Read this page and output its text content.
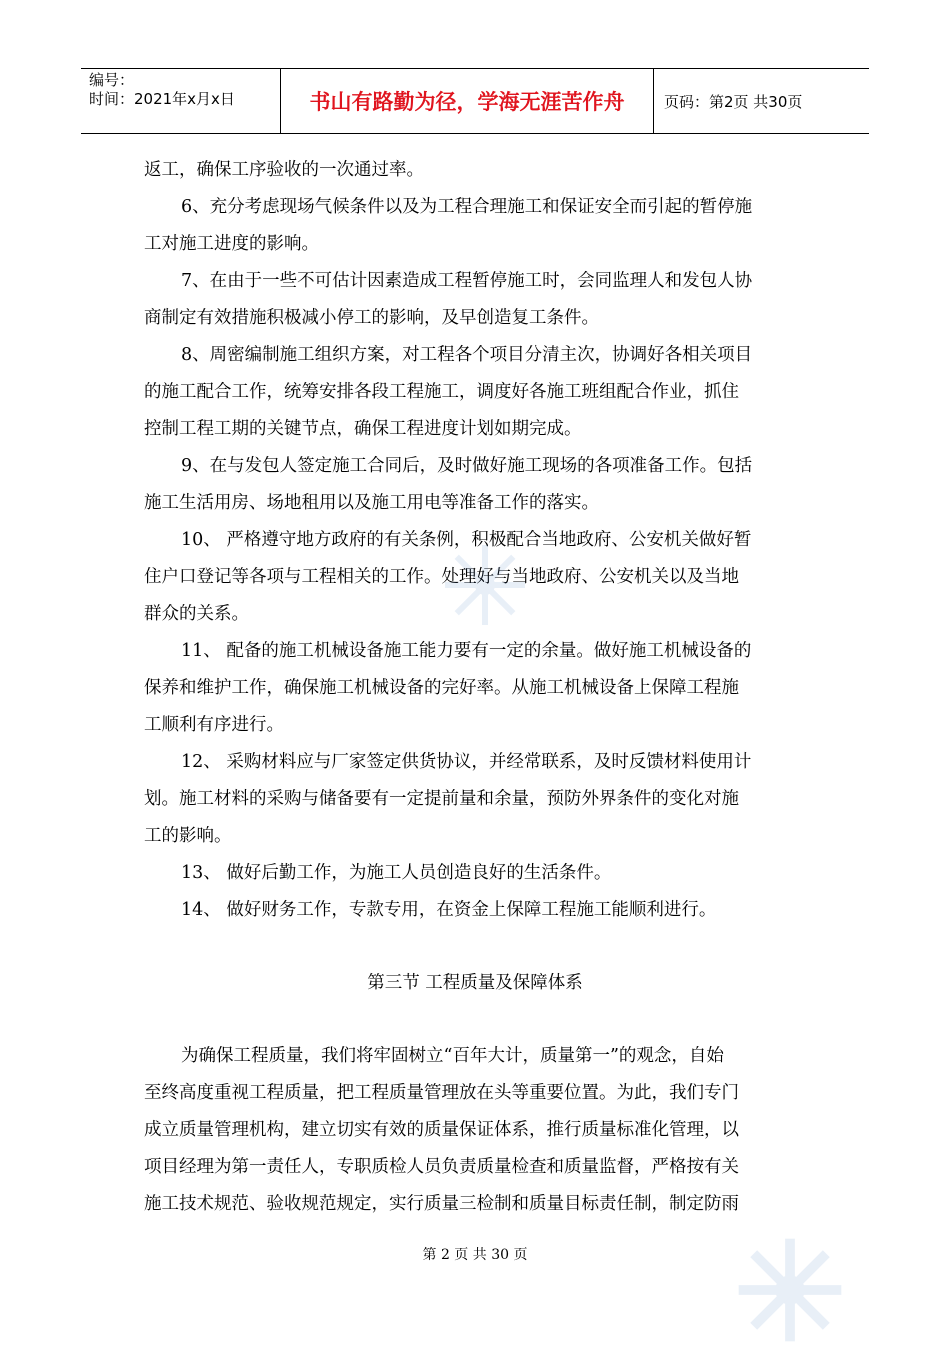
编号：
时间：2021年x月x日	书山有路勤为径，学海无涯苦作舟	页码：第2页 共30页
返工，确保工序验收的一次通过率。
6、充分考虑现场气候条件以及为工程合理施工和保证安全而引起的暂停施
工对施工进度的影响。
7、在由于一些不可估计因素造成工程暂停施工时，会同监理人和发包人协
商制定有效措施积极减小停工的影响，及早创造复工条件。
8、周密编制施工组织方案，对工程各个项目分清主次，协调好各相关项目
的施工配合工作，统筹安排各段工程施工，调度好各施工班组配合作业，抓住
控制工程工期的关键节点，确保工程进度计划如期完成。
9、在与发包人签定施工合同后，及时做好施工现场的各项准备工作。包括
施工生活用房、场地租用以及施工用电等准备工作的落实。
10、 严格遵守地方政府的有关条例，积极配合当地政府、公安机关做好暂
住户口登记等各项与工程相关的工作。处理好与当地政府、公安机关以及当地
群众的关系。
11、 配备的施工机械设备施工能力要有一定的余量。做好施工机械设备的
保养和维护工作，确保施工机械设备的完好率。从施工机械设备上保障工程施
工顺利有序进行。
12、 采购材料应与厂家签定供货协议，并经常联系，及时反馈材料使用计
划。施工材料的采购与储备要有一定提前量和余量，预防外界条件的变化对施
工的影响。
13、 做好后勤工作，为施工人员创造良好的生活条件。
14、 做好财务工作，专款专用，在资金上保障工程施工能顺利进行。
第三节 工程质量及保障体系
为确保工程质量，我们将牢固树立“百年大计，质量第一”的观念，自始
至终高度重视工程质量，把工程质量管理放在头等重要位置。为此，我们专门
成立质量管理机构，建立切实有效的质量保证体系，推行质量标准化管理，以
项目经理为第一责任人，专职质检人员负责质量检查和质量监督，严格按有关
施工技术规范、验收规范规定，实行质量三检制和质量目标责任制，制定防雨
第 2 页 共 30 页
